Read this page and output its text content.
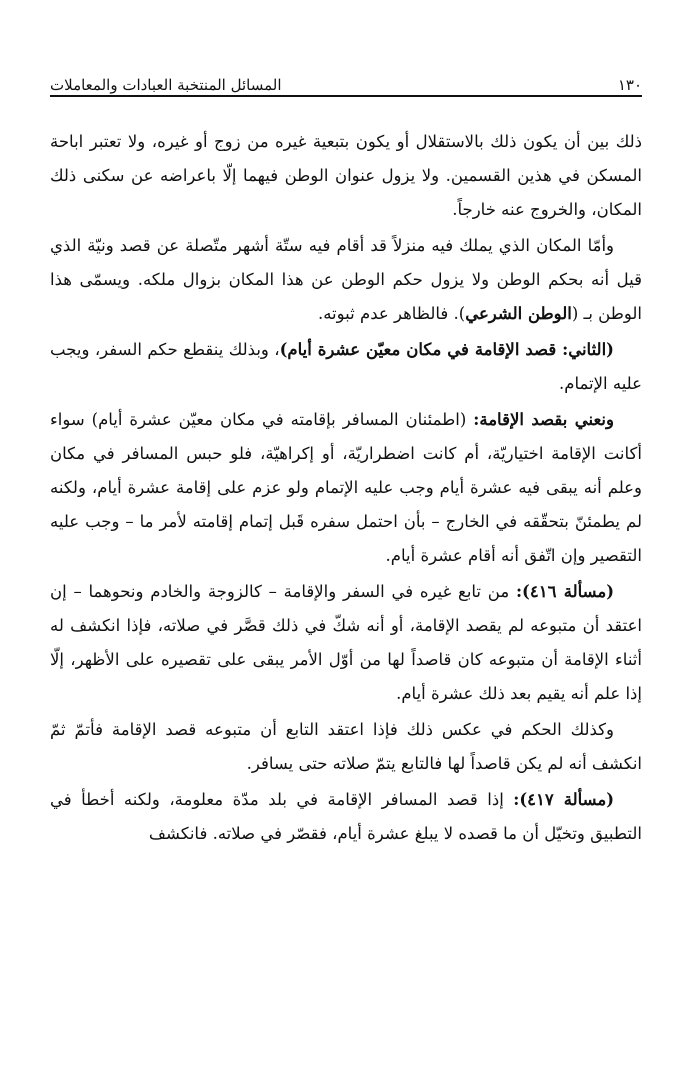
المسائل المنتخبة العبادات والمعاملات	١٣٠

ذلك بين أن يكون ذلك بالاستقلال أو يكون بتبعية غيره من زوج أو غيره، ولا تعتبر اباحة المسكن في هذين القسمين. ولا يزول عنوان الوطن فيهما إلّا باعراضه عن سكنى ذلك المكان، والخروج عنه خارجاً.

وأمّا المكان الذي يملك فيه منزلاً قد أقام فيه ستّة أشهر متّصلة عن قصد ونيّة الذي قيل أنه بحكم الوطن ولا يزول حكم الوطن عن هذا المكان بزوال ملكه. ويسمّى هذا الوطن بـ (الوطن الشرعي). فالظاهر عدم ثبوته.

(الثاني: قصد الإقامة في مكان معيّن عشرة أيام)، وبذلك ينقطع حكم السفر، ويجب عليه الإتمام.

ونعني بقصد الإقامة: (اطمئنان المسافر بإقامته في مكان معيّن عشرة أيام) سواء أكانت الإقامة اختياريّة، أم كانت اضطراريّة، أو إكراهيّة، فلو حبس المسافر في مكان وعلم أنه يبقى فيه عشرة أيام وجب عليه الإتمام ولو عزم على إقامة عشرة أيام، ولكنه لم يطمئنّ بتحقّقه في الخارج – بأن احتمل سفره قَبل إتمام إقامته لأمر ما – وجب عليه التقصير وإن اتّفق أنه أقام عشرة أيام.

(مسألة ٤١٦): من تابع غيره في السفر والإقامة – كالزوجة والخادم ونحوهما – إن اعتقد أن متبوعه لم يقصد الإقامة، أو أنه شكّ في ذلك قصَّر في صلاته، فإذا انكشف له أثناء الإقامة أن متبوعه كان قاصداً لها من أوّل الأمر يبقى على تقصيره على الأظهر، إلّا إذا علم أنه يقيم بعد ذلك عشرة أيام.

وكذلك الحكم في عكس ذلك فإذا اعتقد التابع أن متبوعه قصد الإقامة فأتمّ ثمّ انكشف أنه لم يكن قاصداً لها فالتابع يتمّ صلاته حتى يسافر.

(مسألة ٤١٧): إذا قصد المسافر الإقامة في بلد مدّة معلومة، ولكنه أخطأ في التطبيق وتخيّل أن ما قصده لا يبلغ عشرة أيام، فقصّر في صلاته. فانكشف
